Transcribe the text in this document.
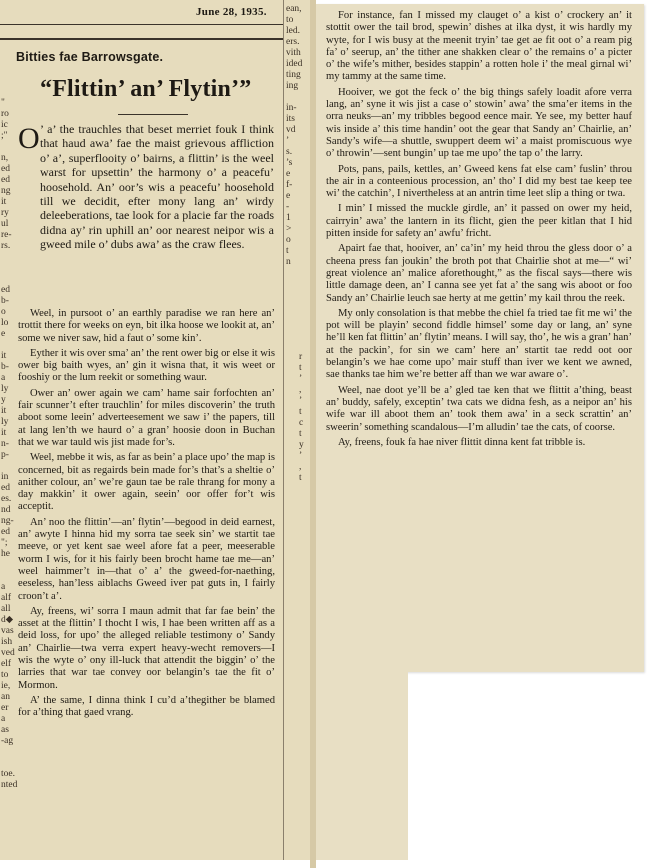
June 28, 1935.
"
ro
ic
;"

n,
ed
ed
ng
it
ry
ul
re-
rs.

ed
b-
o
lo
e

it
b-
a
ly
y
it
ly
it
n-
p-

in
ed
es.
nd
ng-
ed
";
he

a
alf
all
d◆
vas
ish
ved
elf
to
ie,
an
er
a
as
-ag

toe.
nted
ean,
to
led.
ers.
vith
ided
ting
ing

in-
its
vd
’
s.
’s
e
f-
e
-
1
>
o
t
n
r
t
’
,
’
t
c
t
y
’
,
t
Bitties fae Barrowsgate.
“Flittin’ an’ Flytin’”
O ’ a’ the trauchles that beset merriet fouk I think that haud awa’ fae the maist grievous affliction o’ a’, superflooity o’ bairns, a flittin’ is the weel warst for upsettin’ the harmony o’ a peacefu’ hoosehold. An’ oor’s wis a peacefu’ hoosehold till we decidit, efter mony lang an’ wirdy deleeberations, tae look for a placie far the roads didna ay’ rin uphill an’ oor nearest neipor wis a gweed mile o’ dubs awa’ as the craw flees.

Weel, in pursoot o’ an earthly paradise we ran here an’ trottit there for weeks on eyn, bit ilka hoose we lookit at, an’ some we niver saw, hid a faut o’ some kin’.

Eyther it wis over sma’ an’ the rent ower big or else it wis ower big baith wyes, an’ gin it wisna that, it wis weet or fooshiy or the lum reekit or something waur.

Ower an’ ower again we cam’ hame sair forfochten an’ fair scunner’t efter trauchlin’ for miles discoverin’ the truth aboot some leein’ adverteesement we saw i’ the papers, till at lang len’th we haurd o’ a gran’ hoosie doon in Buchan that we war tauld wis jist made for’s.

Weel, mebbe it wis, as far as bein’ a place upo’ the map is concerned, bit as regairds bein made for’s that’s a sheltie o’ anither colour, an’ we’re gaun tae be rale thrang for mony a day makkin’ it ower again, seein’ oor offer for’t wis acceptit.

An’ noo the flittin’—an’ flytin’—begood in deid earnest, an’ awyte I hinna hid my sorra tae seek sin’ we startit tae meeve, or yet kent sae weel afore fat a peer, meeserable worm I wis, for it his fairly been brocht hame tae me—an’ weel haimmer’t in—that o’ a’ the gweed-for-naething, eeseless, han’less aiblachs Gweed iver pat guts in, I fairly croon’t a’.

Ay, freens, wi’ sorra I maun admit that far fae bein’ the asset at the flittin’ I thocht I wis, I hae been written aff as a deid loss, for upo’ the alleged reliable testimony o’ Sandy an’ Chairlie—twa verra expert heavy-wecht removers—I wis the wyte o’ ony ill-luck that attendit the biggin’ o’ the larries that war tae convey oor belangin’s tae the fit o’ Mormon.

A’ the same, I dinna think I cu’d a’thegither be blamed for a’thing that gaed vrang.

For instance, fan I missed my clauget o’ a kist o’ crockery an’ it stottit ower the tail brod, spewin’ dishes at ilka dyst, it wis hardly my wyte, for I wis busy at the meenit tryin’ tae get ae fit oot o’ a ream pig fa’ o’ seerup, an’ the tither ane shakken clear o’ the remains o’ a picter o’ the wife’s mither, besides stappin’ a rotten hole i’ the meal girnal wi’ my tammy at the same time.

Hooiver, we got the feck o’ the big things safely loadit afore verra lang, an’ syne it wis jist a case o’ stowin’ awa’ the sma’er items in the orra neuks—an’ my tribbles begood eence mair. Ye see, my better hauf wis inside a’ this time handin’ oot the gear that Sandy an’ Chairlie, an’ Sandy’s wife—a shuttle, swuppert deem wi’ a maist promiscuous wye o’ throwin’—sent bungin’ up tae me upo’ the tap o’ the larry.

Pots, pans, pails, kettles, an’ Gweed kens fat else cam’ fuslin’ throu the air in a conteenious procession, an’ tho’ I did my best tae keep tee wi’ the catchin’, I nivertheless at an antrin time leet slip a thing or twa.

I min’ I missed the muckle girdle, an’ it passed on ower my heid, cairryin’ awa’ the lantern in its flicht, gien the peer kitlan that I hid pitten inside for safety an’ awfu’ fricht.

Apairt fae that, hooiver, an’ ca’in’ my heid throu the gless door o’ a cheena press fan joukin’ the broth pot that Chairlie shot at me—“ wi’ great violence an’ malice aforethought,” as the fiscal says—there wis little damage deen, an’ I canna see yet fat a’ the sang wis aboot or foo Sandy an’ Chairlie leuch sae herty at me gettin’ my kail throu the reek.

My only consolation is that mebbe the chiel fa tried tae fit me wi’ the pot will be playin’ second fiddle himsel’ some day or lang, an’ syne he’ll ken fat flittin’ an’ flytin’ means. I will say, tho’, he wis a gran’ han’ at the packin’, for sin we cam’ here an’ startit tae redd oot oor belangin’s we hae come upo’ mair stuff than iver we kent we awned, sae thanks tae him we’re better aff than we war aware o’.

Weel, nae doot ye’ll be a’ gled tae ken that we flittit a’thing, beast an’ buddy, safely, exceptin’ twa cats we didna fesh, as a neipor an’ his wife war ill aboot them an’ took them awa’ in a seck scrattin’ an’ sweerin’ something scandalous—I’m alludin’ tae the cats, of coorse.

Ay, freens, fouk fa hae niver flittit dinna kent fat tribble is.
